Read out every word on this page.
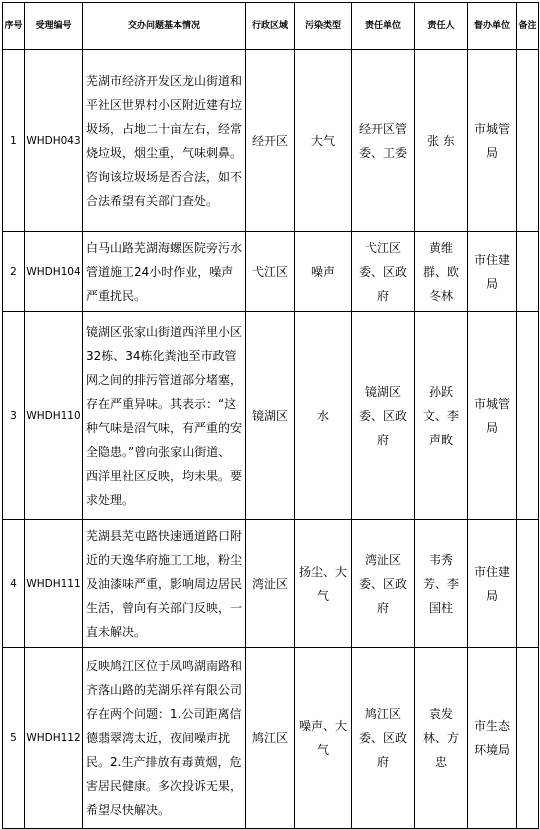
序号	受理编号	交办问题基本情况	行政区域	污染类型	责任单位	责任人	督办单位	备注
1	WHDH043	芜湖市经济开发区龙山街道和平社区世界村小区附近建有垃圾场，占地二十亩左右，经常烧垃圾，烟尘重，气味刺鼻。咨询该垃圾场是否合法，如不合法希望有关部门查处。	经开区	大气	经开区管委、工委	张 东	市城管局	
2	WHDH104	白马山路芜湖海螺医院旁污水管道施工24小时作业，噪声严重扰民。	弋江区	噪声	弋江区委、区政府	黄维群、欧冬林	市住建局	
3	WHDH110	镜湖区张家山街道西洋里小区32栋、34栋化粪池至市政管网之间的排污管道部分堵塞，存在严重异味。其表示：“这种气味是沼气味，有严重的安全隐患。”曾向张家山街道、西洋里社区反映，均未果。要求处理。	镜湖区	水	镜湖区委、区政府	孙跃文、李声畋	市城管局	
4	WHDH111	芜湖县芜屯路快速通道路口附近的天逸华府施工工地，粉尘及油漆味严重，影响周边居民生活，曾向有关部门反映，一直未解决。	湾沚区	扬尘、大气	湾沚区委、区政府	韦秀芳、李国柱	市住建局	
5	WHDH112	反映鸠江区位于凤鸣湖南路和齐落山路的芜湖乐祥有限公司存在两个问题：1.公司距离信德翡翠湾太近，夜间噪声扰民。2.生产排放有毒黄烟，危害居民健康。多次投诉无果，希望尽快解决。	鸠江区	噪声、大气	鸠江区委、区政府	袁发林、方 忠	市生态环境局	
